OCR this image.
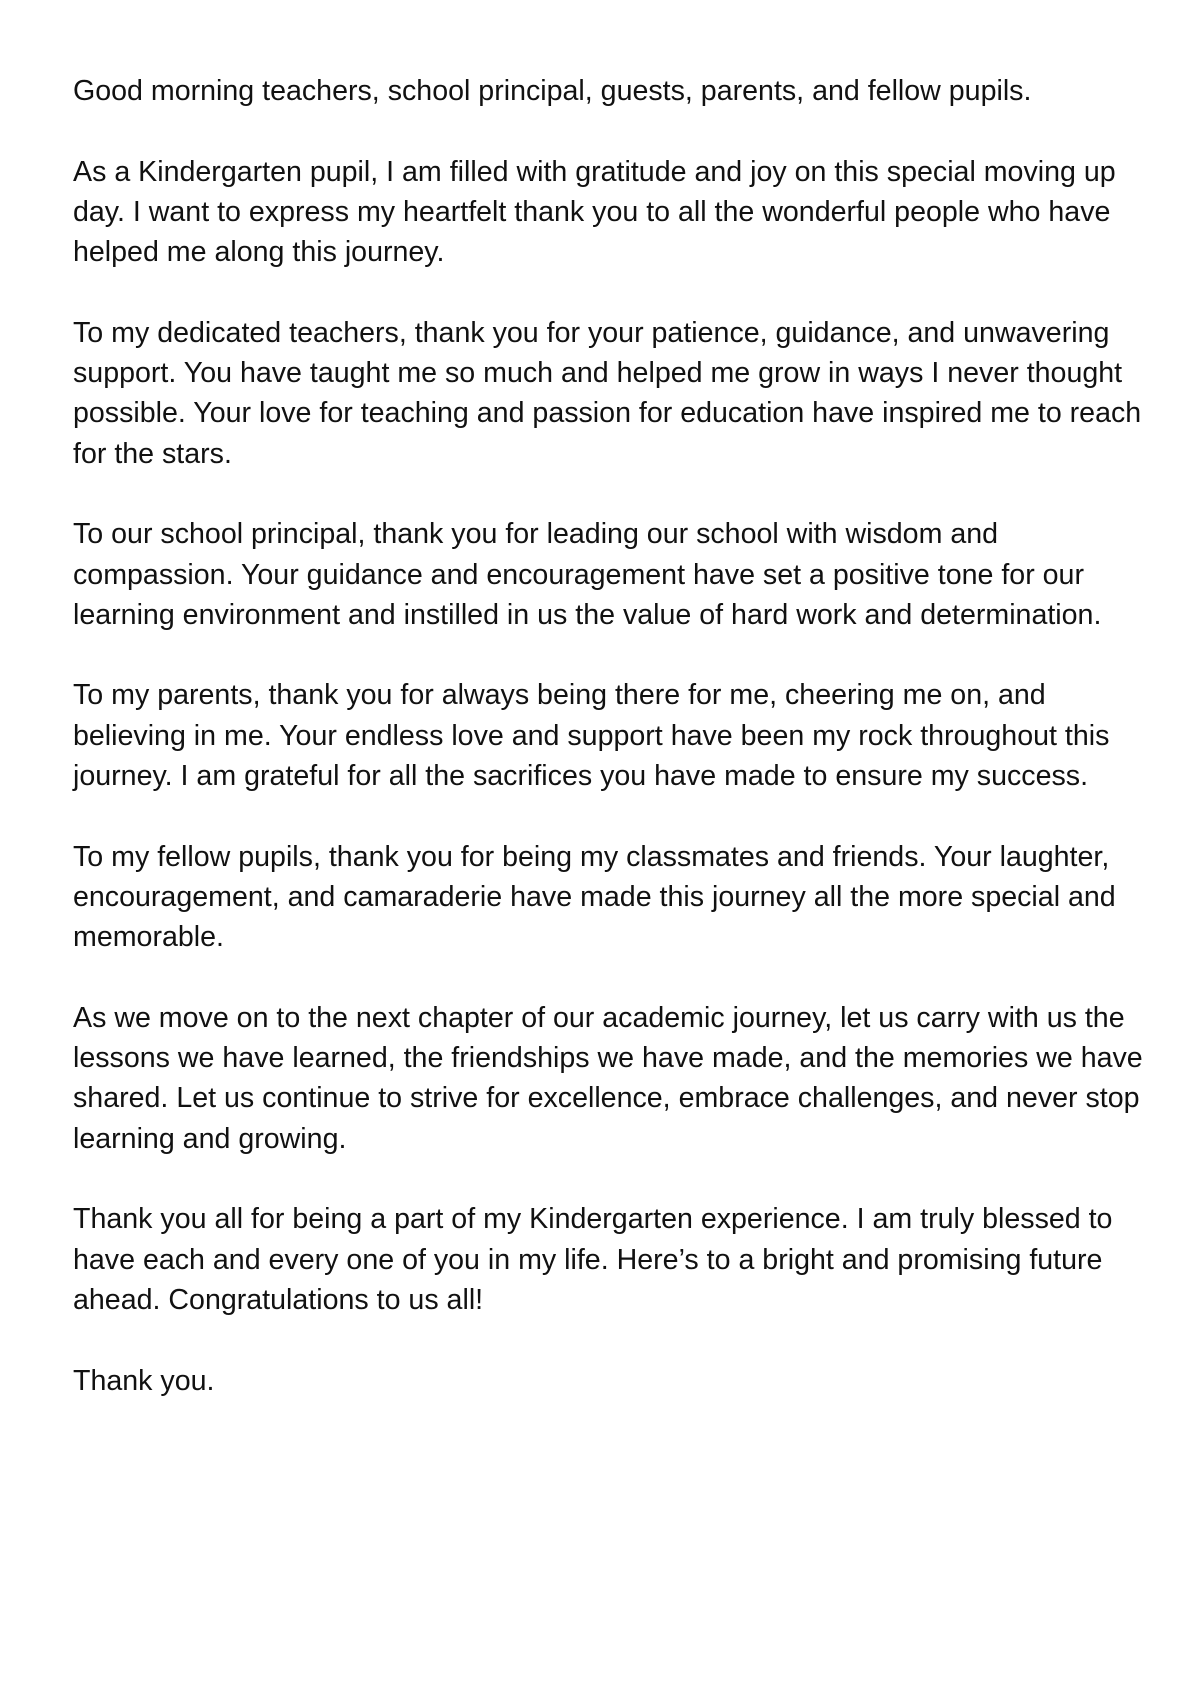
Good morning teachers, school principal, guests, parents, and fellow pupils.

As a Kindergarten pupil, I am filled with gratitude and joy on this special moving up day. I want to express my heartfelt thank you to all the wonderful people who have helped me along this journey.

To my dedicated teachers, thank you for your patience, guidance, and unwavering support. You have taught me so much and helped me grow in ways I never thought possible. Your love for teaching and passion for education have inspired me to reach for the stars.

To our school principal, thank you for leading our school with wisdom and compassion. Your guidance and encouragement have set a positive tone for our learning environment and instilled in us the value of hard work and determination.

To my parents, thank you for always being there for me, cheering me on, and believing in me. Your endless love and support have been my rock throughout this journey. I am grateful for all the sacrifices you have made to ensure my success.

To my fellow pupils, thank you for being my classmates and friends. Your laughter, encouragement, and camaraderie have made this journey all the more special and memorable.

As we move on to the next chapter of our academic journey, let us carry with us the lessons we have learned, the friendships we have made, and the memories we have shared. Let us continue to strive for excellence, embrace challenges, and never stop learning and growing.

Thank you all for being a part of my Kindergarten experience. I am truly blessed to have each and every one of you in my life. Here’s to a bright and promising future ahead. Congratulations to us all!

Thank you.
